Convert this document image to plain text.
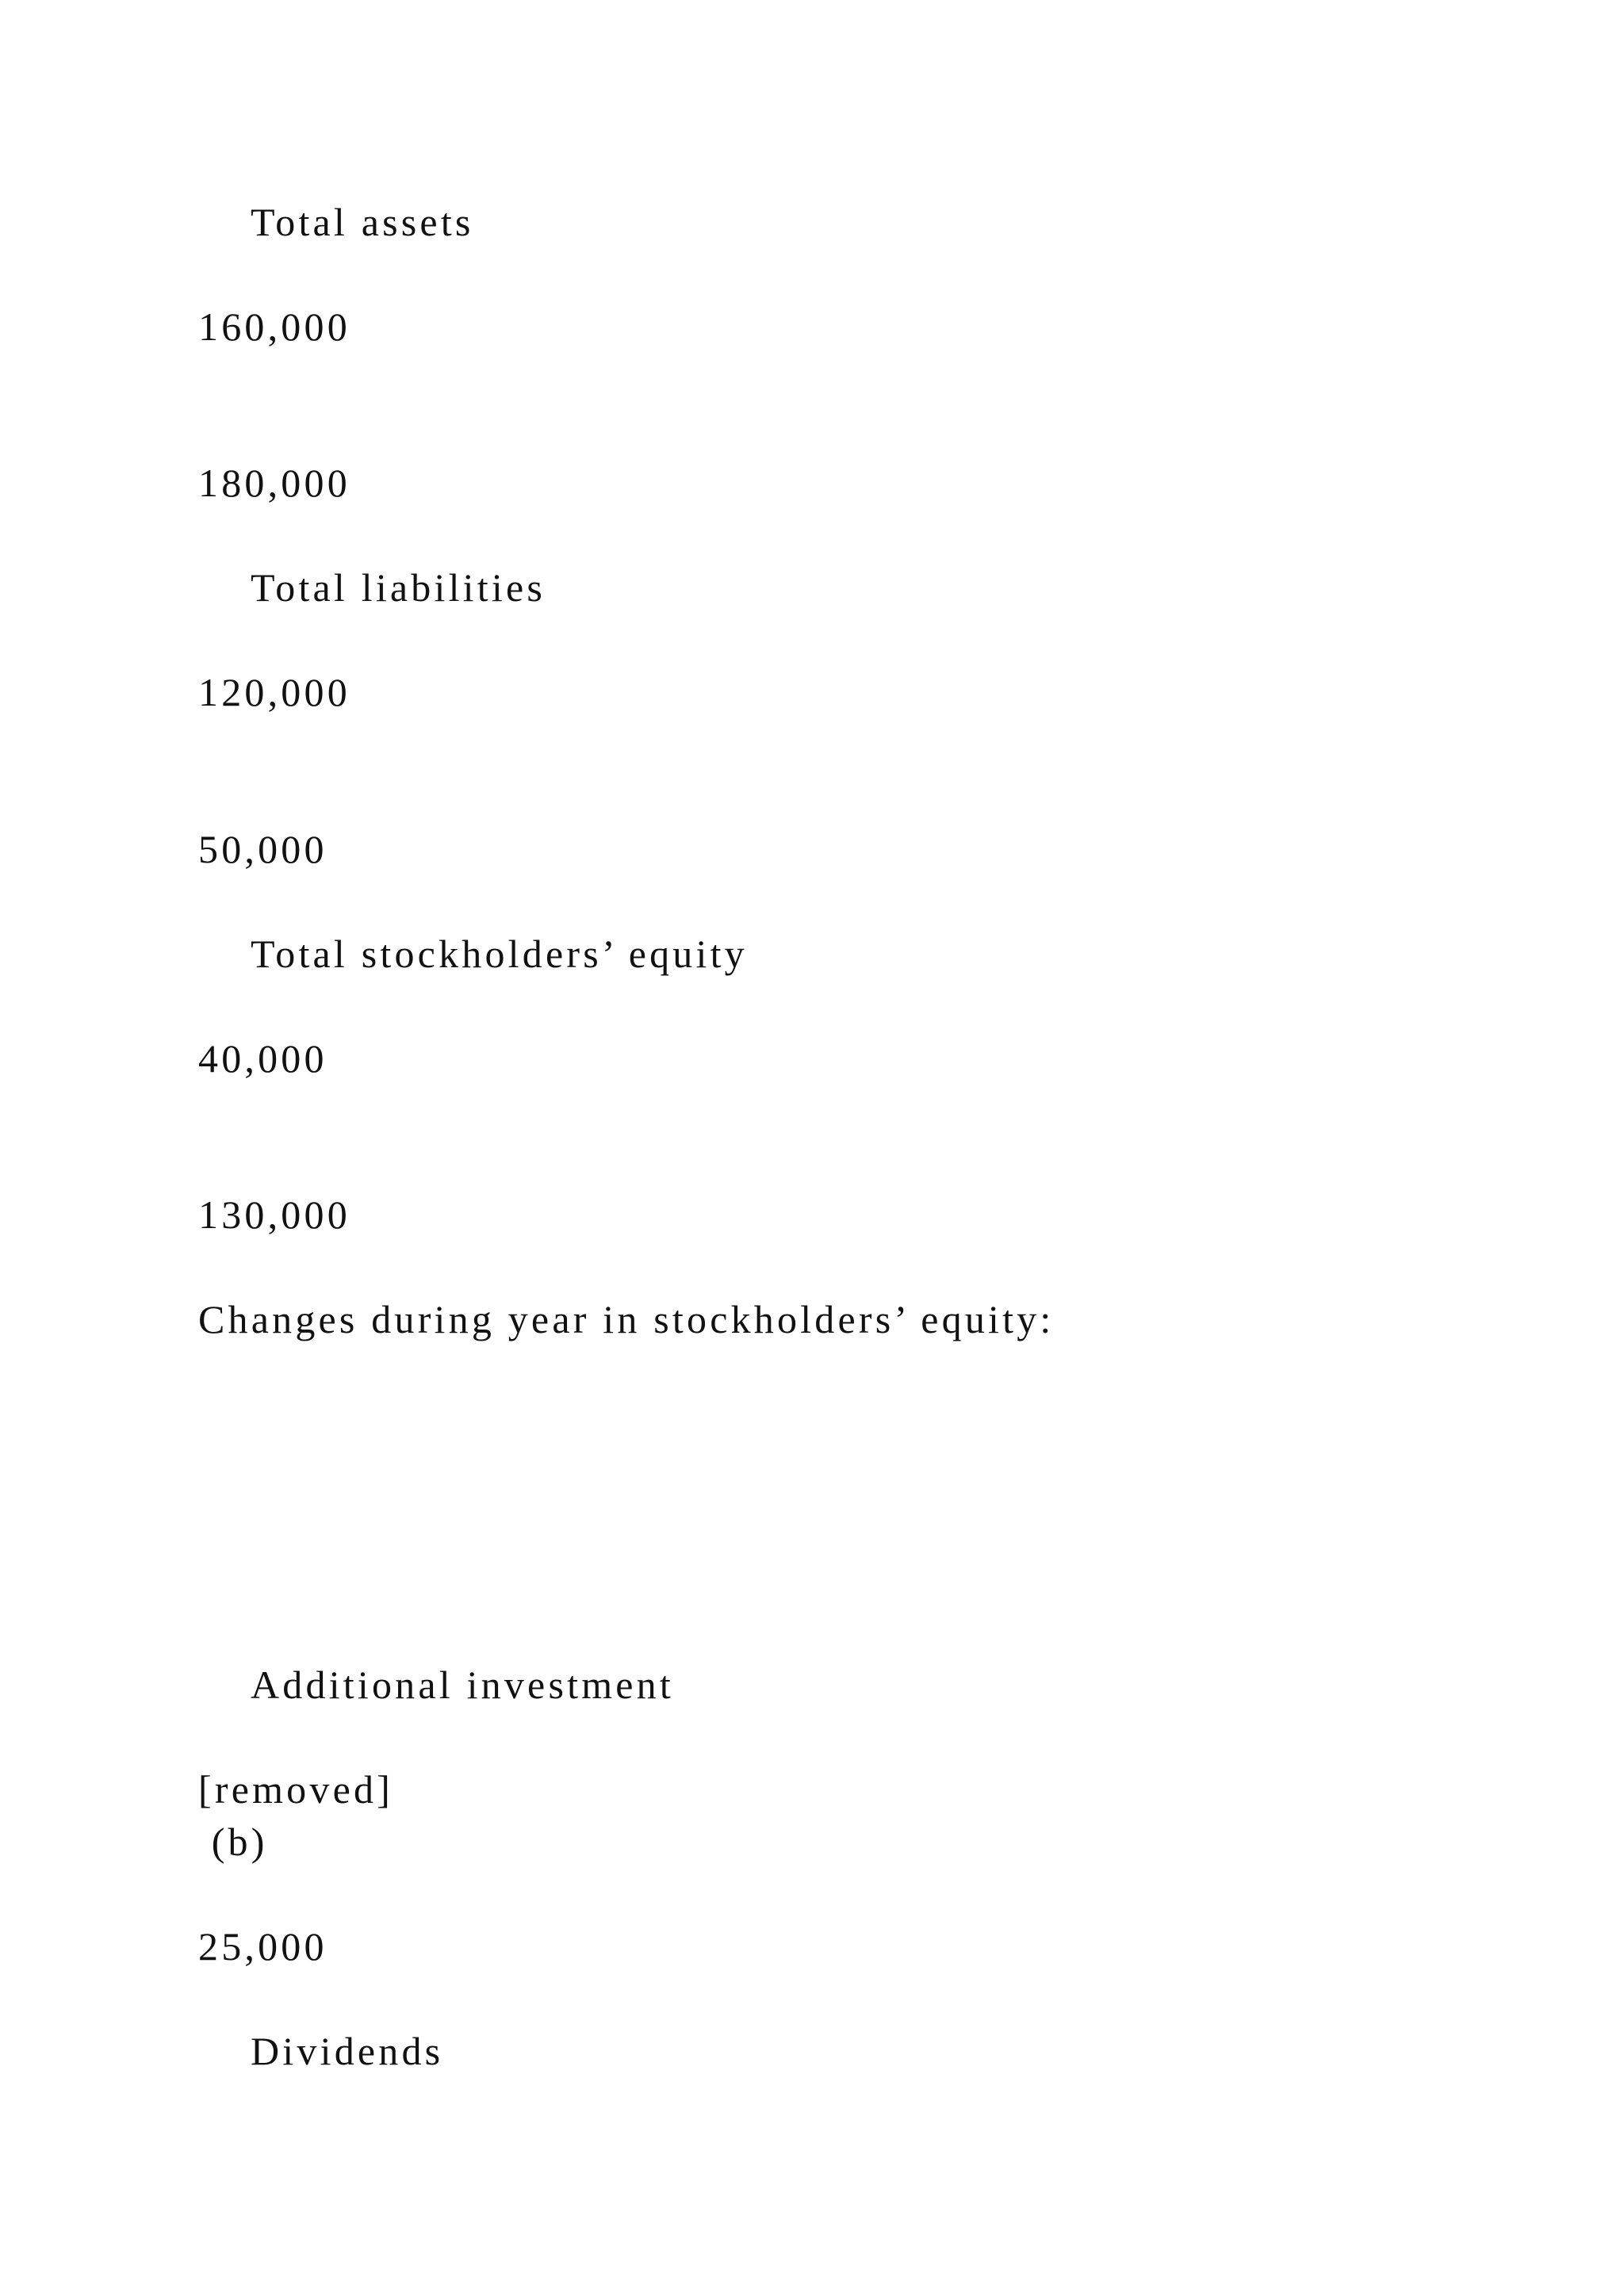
Total assets

160,000

180,000

Total liabilities

120,000

50,000

Total stockholders’ equity

40,000

130,000

Changes during year in stockholders’ equity:

Additional investment

[removed]

(b)

25,000

Dividends
